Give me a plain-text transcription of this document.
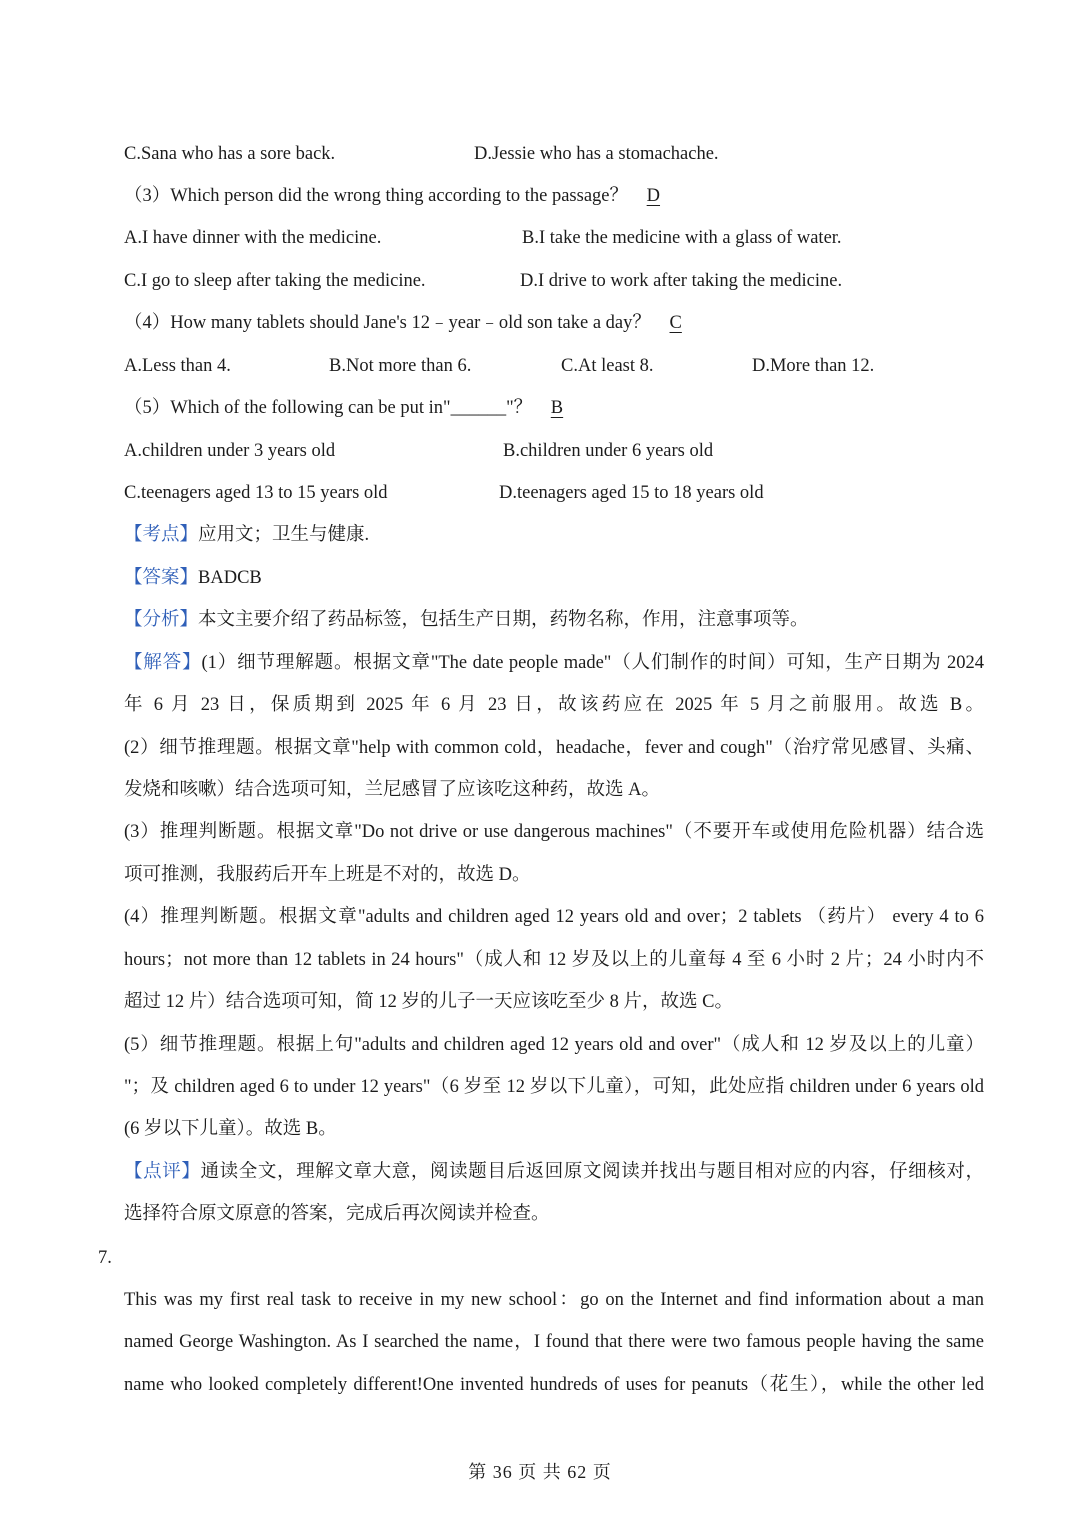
C.Sana who has a sore back.	D.Jessie who has a stomachache.
（3）Which person did the wrong thing according to the passage？ D
A.I have dinner with the medicine.	B.I take the medicine with a glass of water.
C.I go to sleep after taking the medicine.	D.I drive to work after taking the medicine.
（4）How many tablets should Jane's 12﹣year﹣old son take a day？ C
A.Less than 4.	B.Not more than 6.	C.At least 8.	D.More than 12.
（5）Which of the following can be put in"______"？ B
A.children under 3 years old	B.children under 6 years old
C.teenagers aged 13 to 15 years old	D.teenagers aged 15 to 18 years old
【考点】应用文；卫生与健康.
【答案】BADCB
【分析】本文主要介绍了药品标签，包括生产日期，药物名称，作用，注意事项等。
【解答】(1）细节理解题。根据文章"The date people made"（人们制作的时间）可知，生产日期为 2024
年 6 月 23 日，保质期到 2025 年 6 月 23 日，故该药应在 2025 年 5 月之前服用。故选 B。
(2）细节推理题。根据文章"help with common cold，headache，fever and cough"（治疗常见感冒、头痛、
发烧和咳嗽）结合选项可知，兰尼感冒了应该吃这种药，故选 A。
(3）推理判断题。根据文章"Do not drive or use dangerous machines"（不要开车或使用危险机器）结合选
项可推测，我服药后开车上班是不对的，故选 D。
(4）推理判断题。根据文章"adults and children aged 12 years old and over；2 tablets （药片） every 4 to 6
hours；not more than 12 tablets in 24 hours"（成人和 12 岁及以上的儿童每 4 至 6 小时 2 片；24 小时内不
超过 12 片）结合选项可知，简 12 岁的儿子一天应该吃至少 8 片，故选 C。
(5）细节推理题。根据上句"adults and children aged 12 years old and over"（成人和 12 岁及以上的儿童）
"；及 children aged 6 to under 12 years"（6 岁至 12 岁以下儿童），可知，此处应指 children under 6 years old
(6 岁以下儿童）。故选 B。
【点评】通读全文，理解文章大意，阅读题目后返回原文阅读并找出与题目相对应的内容，仔细核对，
选择符合原文原意的答案，完成后再次阅读并检查。
7.
This was my first real task to receive in my new school：go on the Internet and find information about a man
named George Washington. As I searched the name，I found that there were two famous people having the same
name who looked completely different!One invented hundreds of uses for peanuts（花生），while the other led
第 36 页 共 62 页
